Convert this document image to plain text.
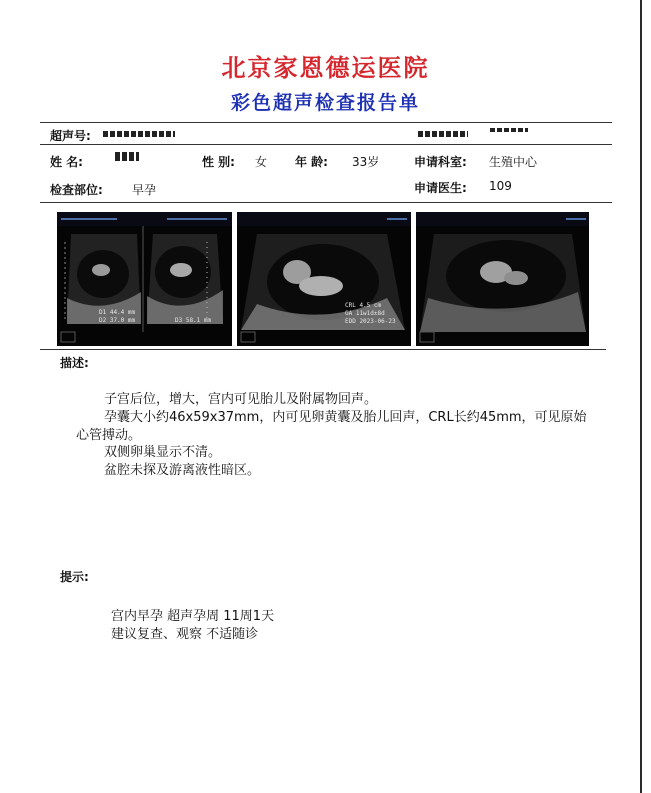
北京家恩德运医院
彩色超声检查报告单
超声号:
姓 名:	性 别: 女 年 龄: 33岁	申请科室: 生殖中心
检查部位: 早孕	申请医生: 109
D1 44.4 mm
D2 37.0 mm	D3 58.1 mm
CRL 4.5 cm
GA 11w1d±8d
EDD 2023-06-23
描述:
子宫后位，增大，宫内可见胎儿及附属物回声。
孕囊大小约46x59x37mm，内可见卵黄囊及胎儿回声，CRL长约45mm，可见原始
心管搏动。
双侧卵巢显示不清。
盆腔未探及游离液性暗区。
提示:
宫内早孕 超声孕周 11周1天
建议复查、观察 不适随诊
